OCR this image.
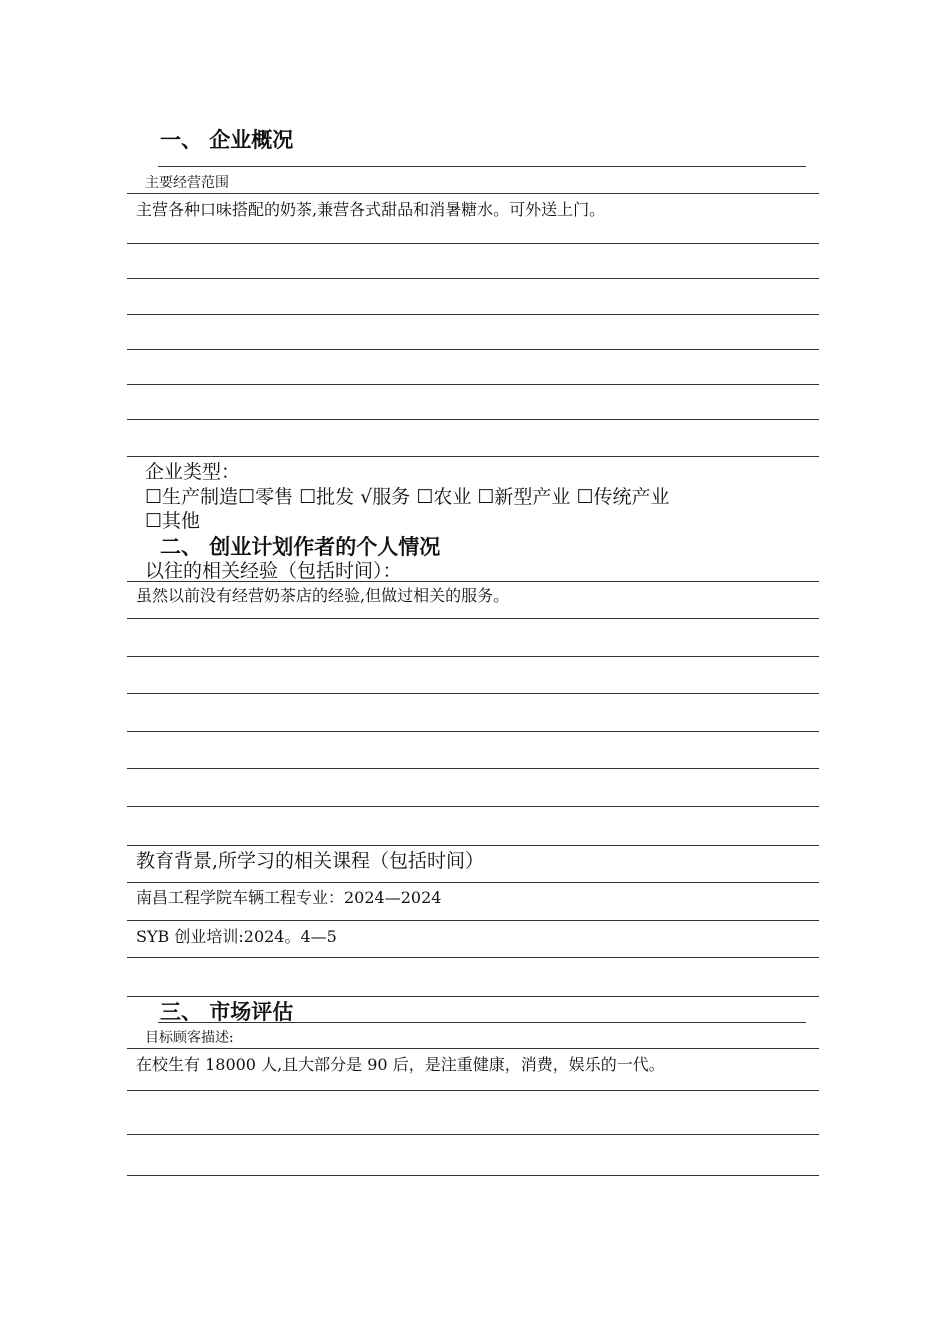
一、 企业概况
主要经营范围
主营各种口味搭配的奶茶,兼营各式甜品和消暑糖水。可外送上门。
企业类型：
☐生产制造☐零售 ☐批发 √服务 ☐农业 ☐新型产业 ☐传统产业
☐其他
二、 创业计划作者的个人情况
以往的相关经验（包括时间）：
虽然以前没有经营奶茶店的经验,但做过相关的服务。
教育背景,所学习的相关课程（包括时间）
南昌工程学院车辆工程专业：2024—2024
SYB 创业培训:2024。4—5
三、 市场评估
目标顾客描述:
在校生有 18000 人,且大部分是 90 后，是注重健康，消费，娱乐的一代。
